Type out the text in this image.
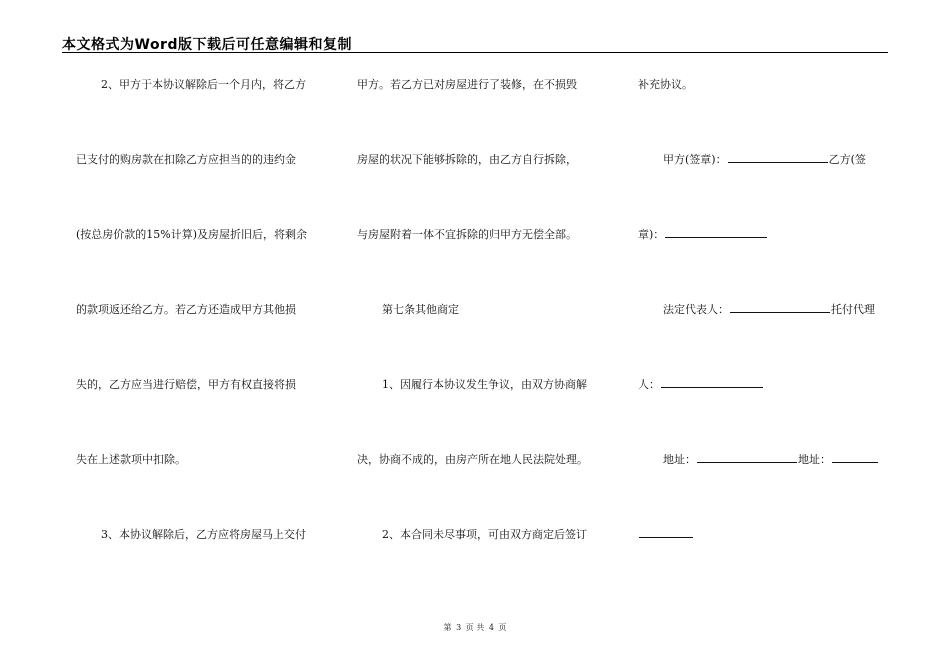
本文格式为Word版下载后可任意编辑和复制
2、甲方于本协议解除后一个月内，将乙方
已支付的购房款在扣除乙方应担当的的违约金
(按总房价款的15%计算)及房屋折旧后，将剩余
的款项返还给乙方。若乙方还造成甲方其他损
失的，乙方应当进行赔偿，甲方有权直接将损
失在上述款项中扣除。
3、本协议解除后，乙方应将房屋马上交付
甲方。若乙方已对房屋进行了装修，在不损毁
房屋的状况下能够拆除的，由乙方自行拆除，
与房屋附着一体不宜拆除的归甲方无偿全部。
第七条其他商定
1、因履行本协议发生争议，由双方协商解
决，协商不成的，由房产所在地人民法院处理。
2、本合同未尽事项，可由双方商定后签订
补充协议。
甲方(签章)：	乙方(签
章)：
法定代表人：	托付代理
人：
地址：	地址：
第 3 页 共 4 页
